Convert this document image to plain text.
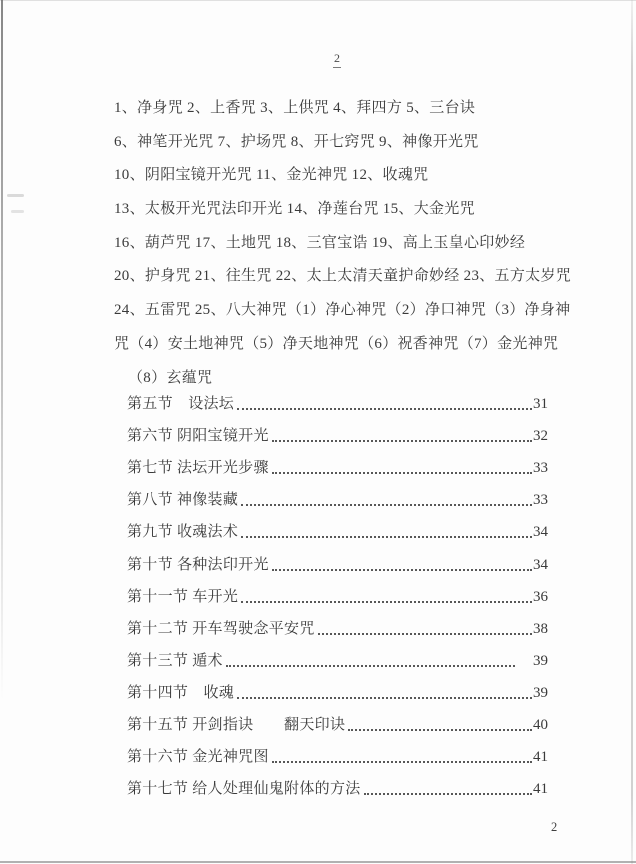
2
1、净身咒 2、上香咒 3、上供咒 4、拜四方 5、三台诀
6、神笔开光咒 7、护场咒 8、开七窍咒 9、神像开光咒
10、阴阳宝镜开光咒 11、金光神咒 12、收魂咒
13、太极开光咒法印开光 14、净莲台咒 15、大金光咒
16、葫芦咒 17、土地咒 18、三官宝诰 19、高上玉皇心印妙经
20、护身咒 21、往生咒 22、太上太清天童护命妙经 23、五方太岁咒
24、五雷咒 25、八大神咒（1）净心神咒（2）净口神咒（3）净身神
咒（4）安土地神咒（5）净天地神咒（6）祝香神咒（7）金光神咒
（8）玄蕴咒
第五节　设法坛	31
第六节 阴阳宝镜开光	32
第七节 法坛开光步骤	33
第八节 神像装藏	33
第九节 收魂法术	34
第十节 各种法印开光	34
第十一节 车开光	36
第十二节 开车驾驶念平安咒	38
第十三节 遁术	39
第十四节　收魂	39
第十五节 开剑指诀　　翻天印诀	40
第十六节 金光神咒图	41
第十七节 给人处理仙鬼附体的方法	41
2
